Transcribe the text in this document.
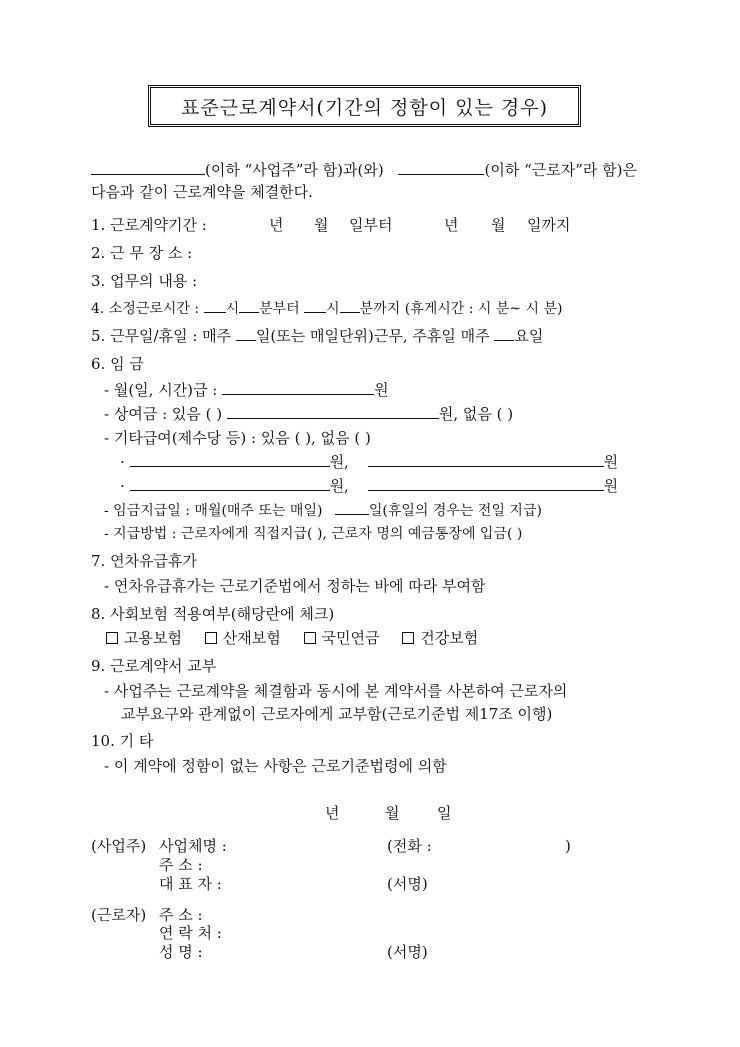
표준근로계약서(기간의 정함이 있는 경우)
(이하 “사업주”라 함)과(와)	(이하 “근로자”라 함)은
다음과 같이 근로계약을 체결한다.
1. 근로계약기간 :	년 월 일부터	년 월 일까지
2. 근 무 장 소 :
3. 업무의 내용 :
4. 소정근로시간 : 시 분부터 시 분까지 (휴게시간 : 시 분~ 시 분)
5. 근무일/휴일 : 매주 일(또는 매일단위)근무, 주휴일 매주 요일
6. 임 금
- 월(일, 시간)급 :	원
- 상여금 : 있음 ( )	원, 없음 ( )
- 기타급여(제수당 등) : 있음 ( ), 없음 ( )
·	원,	원
·	원,	원
- 임금지급일 : 매월(매주 또는 매일)	일(휴일의 경우는 전일 지급)
- 지급방법 : 근로자에게 직접지급( ), 근로자 명의 예금통장에 입금( )
7. 연차유급휴가
- 연차유급휴가는 근로기준법에서 정하는 바에 따라 부여함
8. 사회보험 적용여부(해당란에 체크)
고용보험	산재보험	국민연금	건강보험
9. 근로계약서 교부
- 사업주는 근로계약을 체결함과 동시에 본 계약서를 사본하여 근로자의
교부요구와 관계없이 근로자에게 교부함(근로기준법 제17조 이행)
10. 기 타
- 이 계약에 정함이 없는 사항은 근로기준법령에 의함
년	월	일
(사업주) 사업체명 :	(전화 :	)
주 소 :
대 표 자 :	(서명)
(근로자) 주 소 :
연 락 처 :
성 명 :	(서명)
